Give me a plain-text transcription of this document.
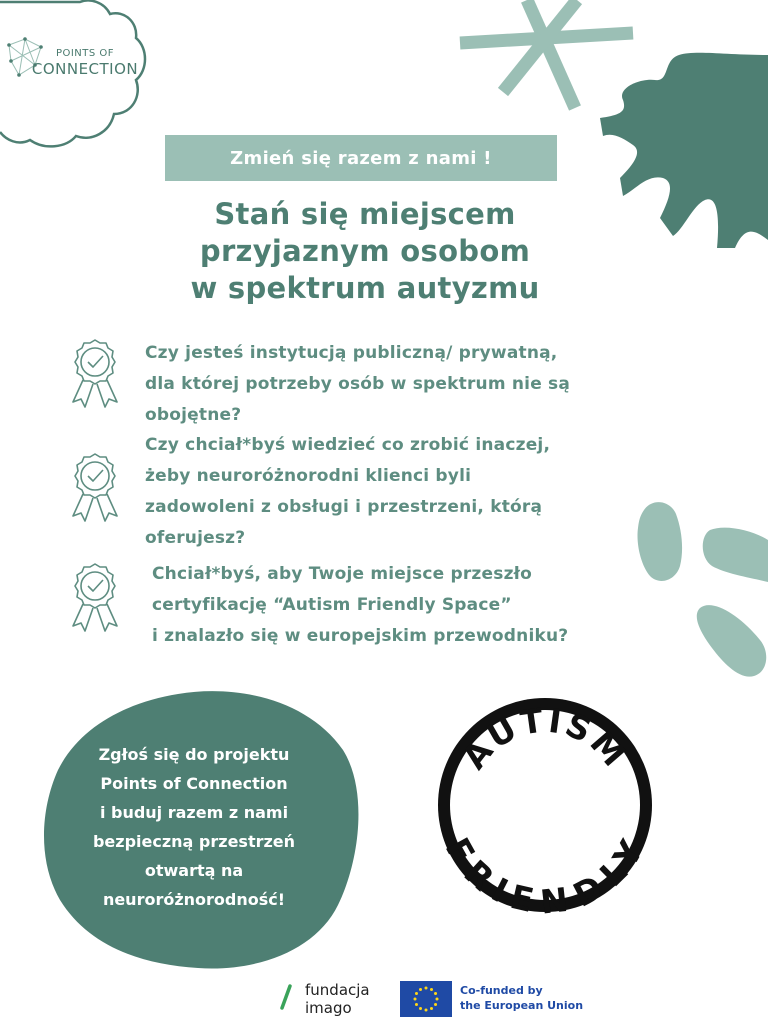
POINTS OF
CONNECTION
Zmień się razem z nami !
Stań się miejscem
przyjaznym osobom
w spektrum autyzmu
Czy jesteś instytucją publiczną/ prywatną,
dla której potrzeby osób w spektrum nie są
obojętne?
Czy chciał*byś wiedzieć co zrobić inaczej,
żeby neuroróżnorodni klienci byli
zadowoleni z obsługi i przestrzeni, którą
oferujesz?
Chciał*byś, aby Twoje miejsce przeszło
certyfikację “Autism Friendly Space”
i znalazło się w europejskim przewodniku?
Zgłoś się do projektu
Points of Connection
i buduj razem z nami
bezpieczną przestrzeń
otwartą na
neuroróżnorodność!
AUTISM
FRIENDLY
fundacja
imago
Co-funded by
the European Union
